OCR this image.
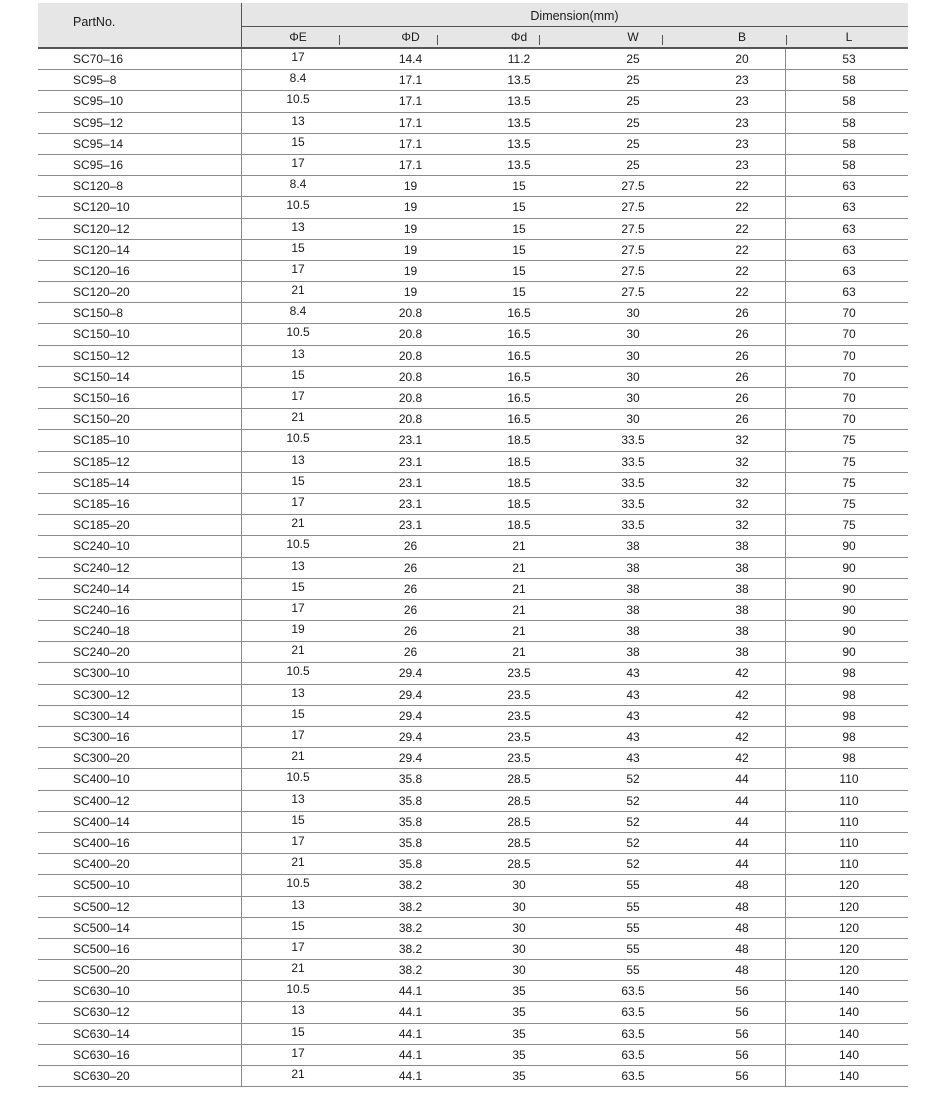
PartNo.	Dimension(mm)
ΦE	ΦD	Φd	W	B	L
SC70–16	17	14.4	11.2	25	20	53
SC95–8	8.4	17.1	13.5	25	23	58
SC95–10	10.5	17.1	13.5	25	23	58
SC95–12	13	17.1	13.5	25	23	58
SC95–14	15	17.1	13.5	25	23	58
SC95–16	17	17.1	13.5	25	23	58
SC120–8	8.4	19	15	27.5	22	63
SC120–10	10.5	19	15	27.5	22	63
SC120–12	13	19	15	27.5	22	63
SC120–14	15	19	15	27.5	22	63
SC120–16	17	19	15	27.5	22	63
SC120–20	21	19	15	27.5	22	63
SC150–8	8.4	20.8	16.5	30	26	70
SC150–10	10.5	20.8	16.5	30	26	70
SC150–12	13	20.8	16.5	30	26	70
SC150–14	15	20.8	16.5	30	26	70
SC150–16	17	20.8	16.5	30	26	70
SC150–20	21	20.8	16.5	30	26	70
SC185–10	10.5	23.1	18.5	33.5	32	75
SC185–12	13	23.1	18.5	33.5	32	75
SC185–14	15	23.1	18.5	33.5	32	75
SC185–16	17	23.1	18.5	33.5	32	75
SC185–20	21	23.1	18.5	33.5	32	75
SC240–10	10.5	26	21	38	38	90
SC240–12	13	26	21	38	38	90
SC240–14	15	26	21	38	38	90
SC240–16	17	26	21	38	38	90
SC240–18	19	26	21	38	38	90
SC240–20	21	26	21	38	38	90
SC300–10	10.5	29.4	23.5	43	42	98
SC300–12	13	29.4	23.5	43	42	98
SC300–14	15	29.4	23.5	43	42	98
SC300–16	17	29.4	23.5	43	42	98
SC300–20	21	29.4	23.5	43	42	98
SC400–10	10.5	35.8	28.5	52	44	110
SC400–12	13	35.8	28.5	52	44	110
SC400–14	15	35.8	28.5	52	44	110
SC400–16	17	35.8	28.5	52	44	110
SC400–20	21	35.8	28.5	52	44	110
SC500–10	10.5	38.2	30	55	48	120
SC500–12	13	38.2	30	55	48	120
SC500–14	15	38.2	30	55	48	120
SC500–16	17	38.2	30	55	48	120
SC500–20	21	38.2	30	55	48	120
SC630–10	10.5	44.1	35	63.5	56	140
SC630–12	13	44.1	35	63.5	56	140
SC630–14	15	44.1	35	63.5	56	140
SC630–16	17	44.1	35	63.5	56	140
SC630–20	21	44.1	35	63.5	56	140
